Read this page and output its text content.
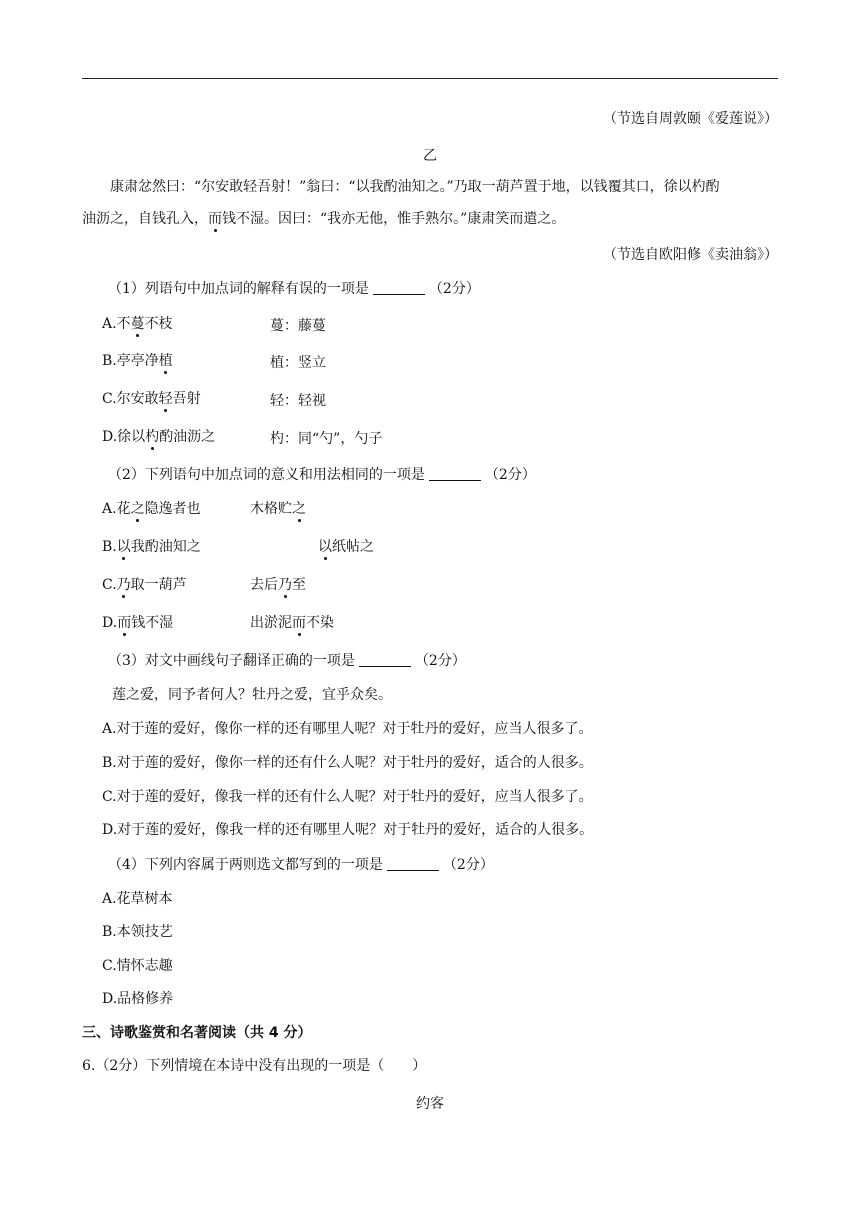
（节选自周敦颐《爱莲说》）
乙
康肃忿然曰：“尔安敢轻吾射！”翁曰：“以我酌油知之。”乃取一葫芦置于地，以钱覆其口，徐以杓酌
油沥之，自钱孔入，而钱不湿。因曰：“我亦无他，惟手熟尔。”康肃笑而遣之。
（节选自欧阳修《卖油翁》）
（1）列语句中加点词的解释有误的一项是	（2分）
A.不蔓不枝	蔓：藤蔓
B.亭亭净植	植：竖立
C.尔安敢轻吾射	轻：轻视
D.徐以杓酌油沥之	杓：同“勺”，勺子
（2）下列语句中加点词的意义和用法相同的一项是	（2分）
A.花之隐逸者也	木格贮之
B.以我酌油知之	以纸帖之
C.乃取一葫芦	去后乃至
D.而钱不湿	出淤泥而不染
（3）对文中画线句子翻译正确的一项是	（2分）
莲之爱，同予者何人？牡丹之爱，宜乎众矣。
A.对于莲的爱好，像你一样的还有哪里人呢？对于牡丹的爱好，应当人很多了。
B.对于莲的爱好，像你一样的还有什么人呢？对于牡丹的爱好，适合的人很多。
C.对于莲的爱好，像我一样的还有什么人呢？对于牡丹的爱好，应当人很多了。
D.对于莲的爱好，像我一样的还有哪里人呢？对于牡丹的爱好，适合的人很多。
（4）下列内容属于两则选文都写到的一项是	（2分）
A.花草树本
B.本领技艺
C.情怀志趣
D.品格修养
三、诗歌鉴赏和名著阅读（共 4 分）
6.（2分）下列情境在本诗中没有出现的一项是（　　）
约客
